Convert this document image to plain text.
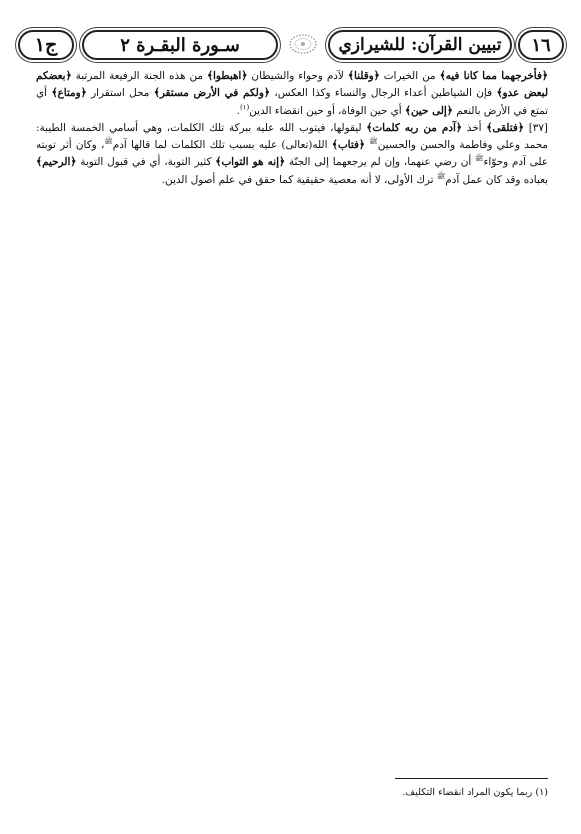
ج١	سـورة البقـرة ٢	تبيين القرآن: للشيرازي ١٦

﴿فأخرجهما مما كانا فيه﴾ من الخيرات ﴿وقلنا﴾ لآدم وحواء والشيطان ﴿اهبطوا﴾ من هذه الجنة الرفيعة المرتبة ﴿بعضكم لبعض عدو﴾ فإن الشياطين أعداء الرجال والنساء وكذا العكس، ﴿ولكم في الأرض مستقر﴾ محل استقرار ﴿ومتاع﴾ أي تمتع في الأرض بالنعم ﴿إلى حين﴾ أي حين الوفاة، أو حين انقضاء الدين$^{(١)}$.

[٣٧] ﴿فتلقى﴾ أخذ ﴿آدم من ربه كلمات﴾ ليقولها، فيتوب الله عليه ببركة تلك الكلمات، وهي أسامي الخمسة الطيبة: محمد وعلي وفاطمة والحسن والحسين$^ﷺ$ ﴿فتاب﴾ الله(تعالى) عليه بسبب تلك الكلمات لما قالها آدم$^ﷺ$، وكان أثر توبته على آدم وحوّاء$^ﷺ$ أن رضي عنهما، وإن لم يرجعهما إلى الجنّة ﴿إنه هو التواب﴾ كثير التوبة، أي في قبول التوبة ﴿الرحيم﴾ بعباده وقد كان عمل آدم$^ﷺ$ ترك الأولى، لا أنه معصية حقيقية كما حقق في علم أصول الدين.

(١) ربما يكون المراد انقضاء التكليف.
